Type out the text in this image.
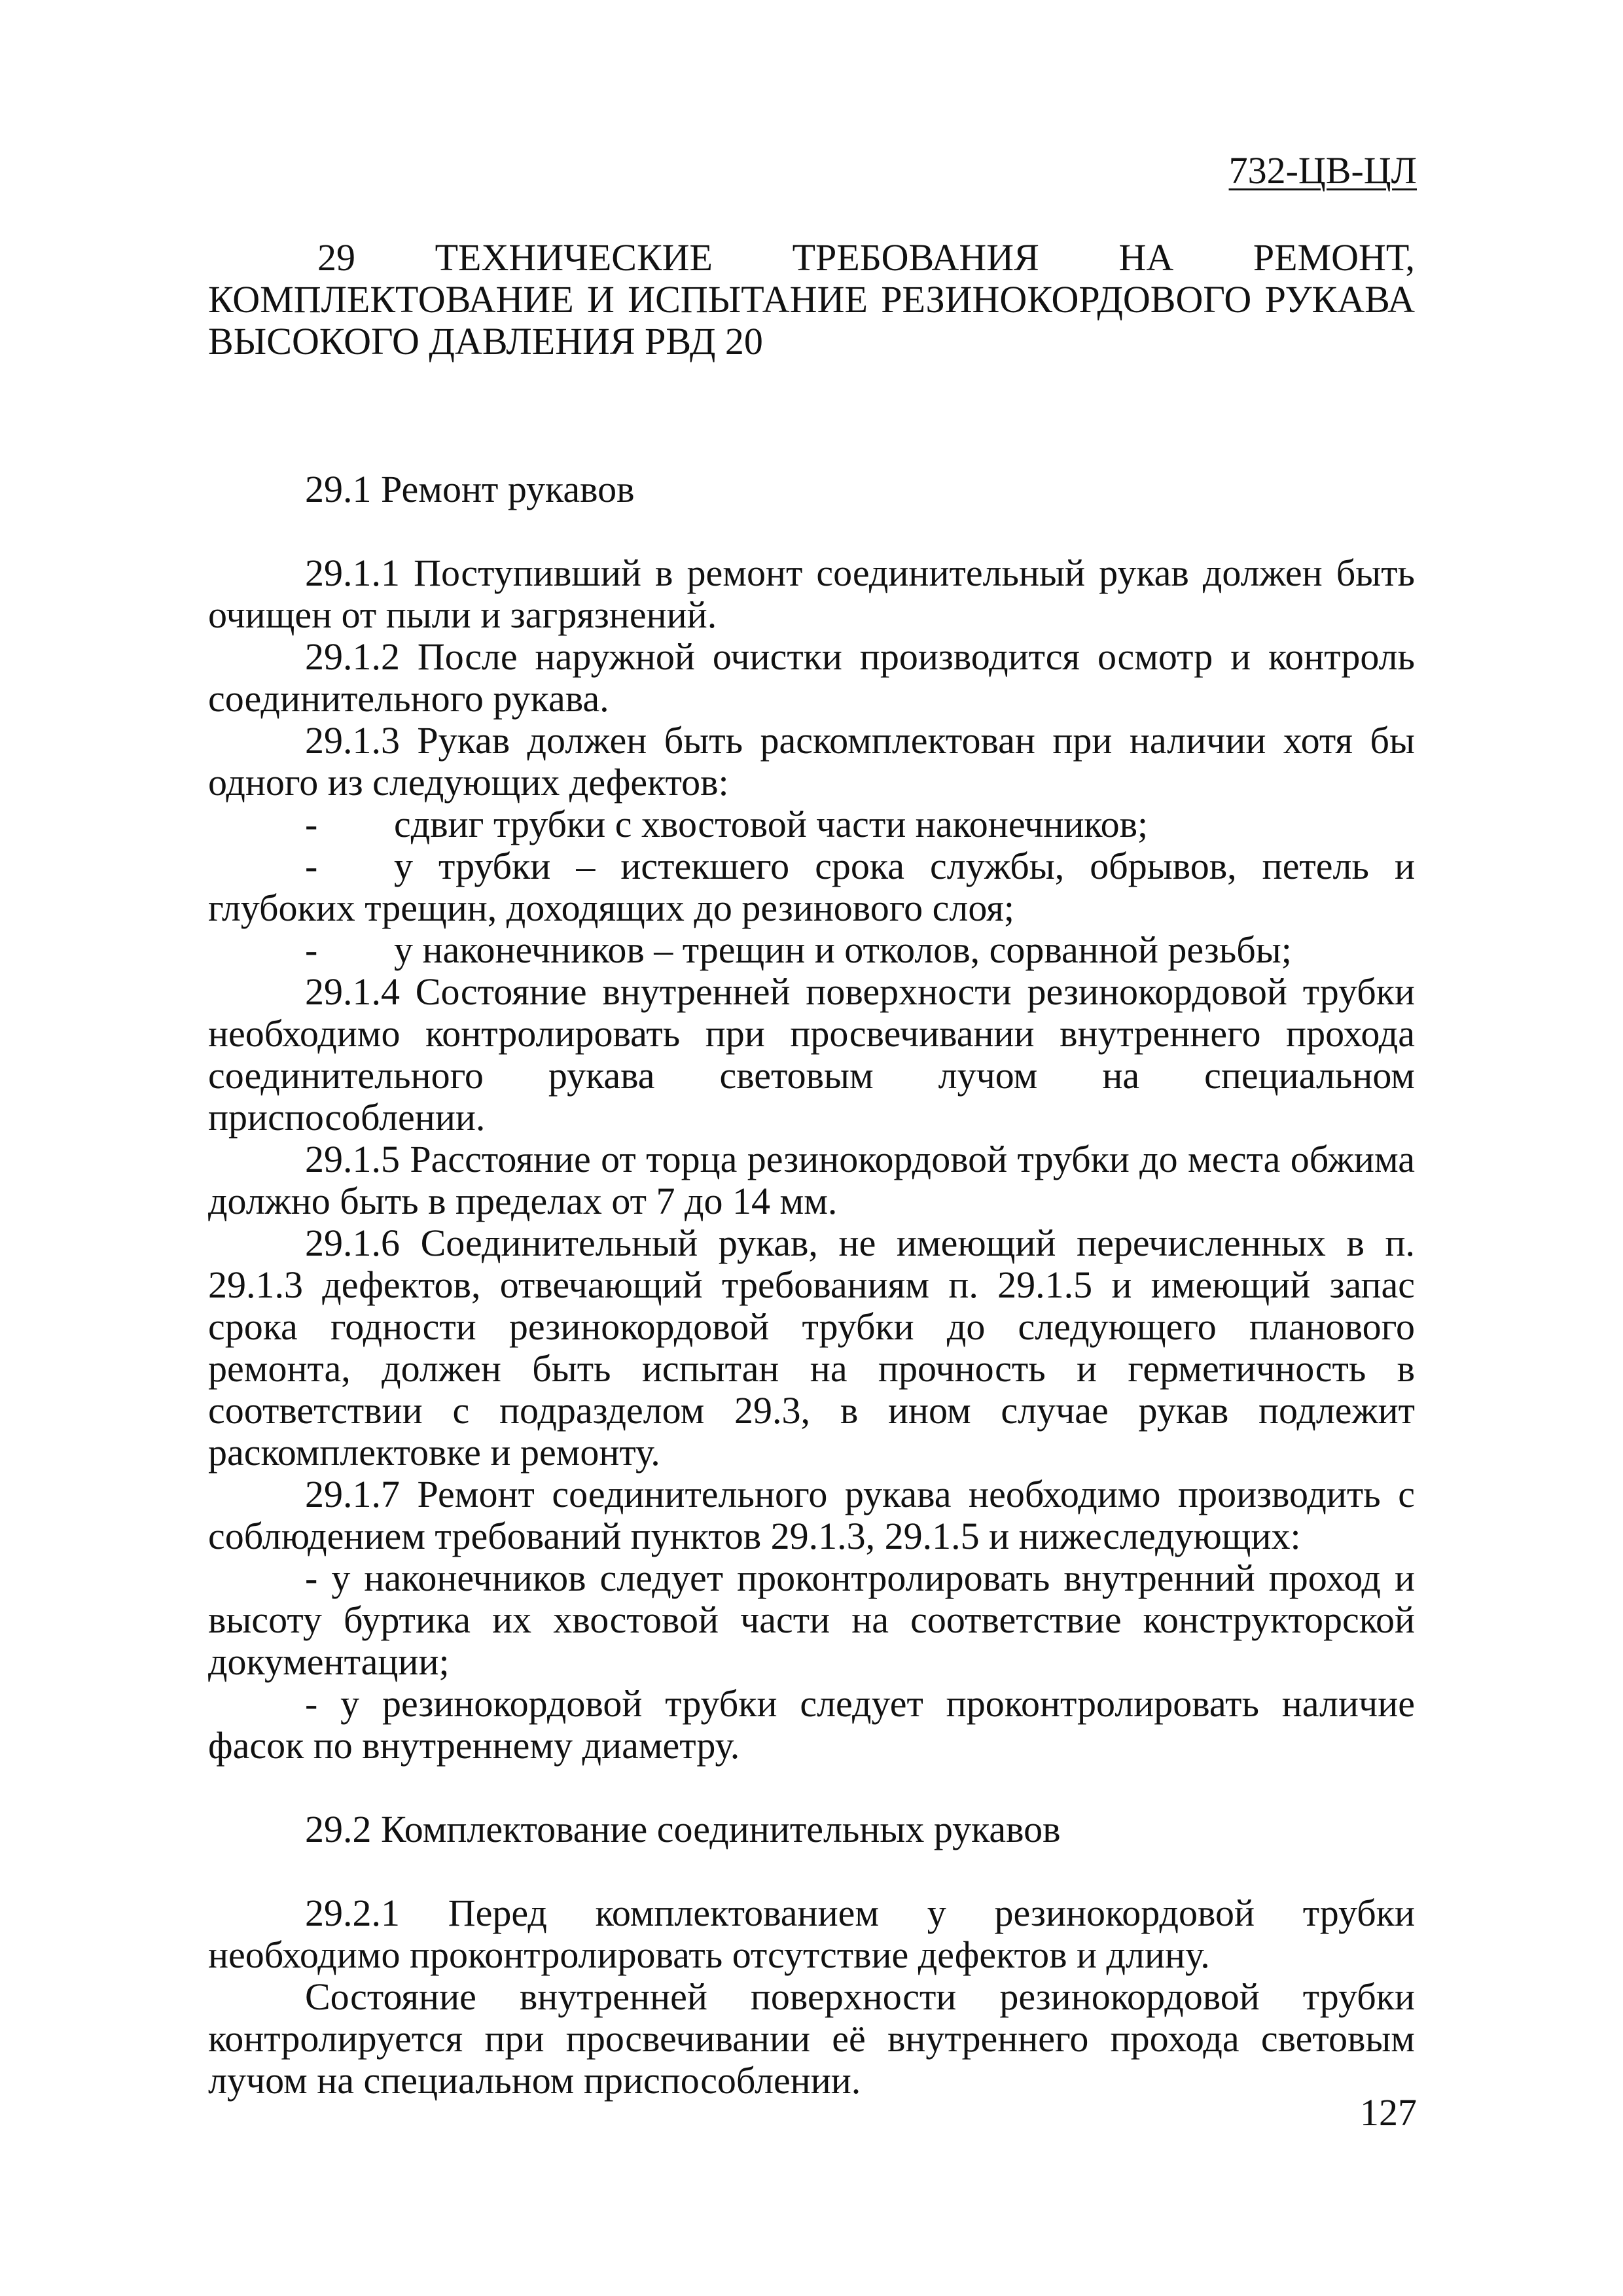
732-ЦВ-ЦЛ

29 ТЕХНИЧЕСКИЕ ТРЕБОВАНИЯ НА РЕМОНТ, КОМПЛЕКТОВАНИЕ И ИСПЫТАНИЕ РЕЗИНОКОРДОВОГО РУКАВА ВЫСОКОГО ДАВЛЕНИЯ РВД 20

29.1 Ремонт рукавов

29.1.1 Поступивший в ремонт соединительный рукав должен быть очищен от пыли и загрязнений.

29.1.2 После наружной очистки производится осмотр и контроль соединительного рукава.

29.1.3 Рукав должен быть раскомплектован при наличии хотя бы одного из следующих дефектов:

- сдвиг трубки с хвостовой части наконечников;

- у трубки – истекшего срока службы, обрывов, петель и глубоких трещин, доходящих до резинового слоя;

- у наконечников – трещин и отколов, сорванной резьбы;

29.1.4 Состояние внутренней поверхности резинокордовой трубки необходимо контролировать при просвечивании внутреннего прохода соединительного рукава световым лучом на специальном приспособлении.

29.1.5 Расстояние от торца резинокордовой трубки до места обжима должно быть в пределах от 7 до 14 мм.

29.1.6 Соединительный рукав, не имеющий перечисленных в п. 29.1.3 дефектов, отвечающий требованиям п. 29.1.5 и имеющий запас срока годности резинокордовой трубки до следующего планового ремонта, должен быть испытан на прочность и герметичность в соответствии с подразделом 29.3, в ином случае рукав подлежит раскомплектовке и ремонту.

29.1.7 Ремонт соединительного рукава необходимо производить с соблюдением требований пунктов 29.1.3, 29.1.5 и нижеследующих:

- у наконечников следует проконтролировать внутренний проход и высоту буртика их хвостовой части на соответствие конструкторской документации;

- у резинокордовой трубки следует проконтролировать наличие фасок по внутреннему диаметру.

29.2 Комплектование соединительных рукавов

29.2.1 Перед комплектованием у резинокордовой трубки необходимо проконтролировать отсутствие дефектов и длину.

Состояние внутренней поверхности резинокордовой трубки контролируется при просвечивании её внутреннего прохода световым лучом на специальном приспособлении.

127
